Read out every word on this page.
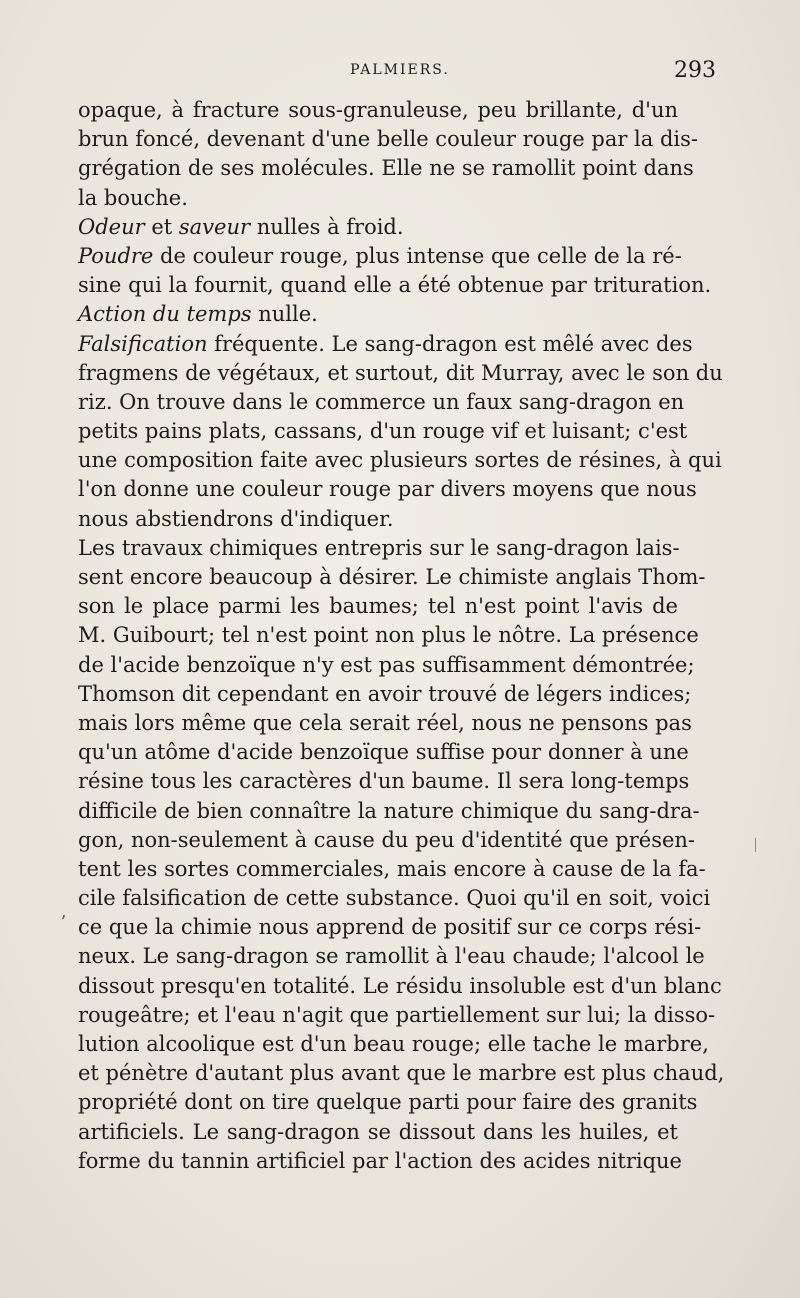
PALMIERS.	293
opaque, à fracture sous-granuleuse, peu brillante, d'un
brun foncé, devenant d'une belle couleur rouge par la dis-
grégation de ses molécules. Elle ne se ramollit point dans
la bouche.
Odeur et saveur nulles à froid.
Poudre de couleur rouge, plus intense que celle de la ré-
sine qui la fournit, quand elle a été obtenue par trituration.
Action du temps nulle.
Falsification fréquente. Le sang-dragon est mêlé avec des
fragmens de végétaux, et surtout, dit Murray, avec le son du
riz. On trouve dans le commerce un faux sang-dragon en
petits pains plats, cassans, d'un rouge vif et luisant; c'est
une composition faite avec plusieurs sortes de résines, à qui
l'on donne une couleur rouge par divers moyens que nous
nous abstiendrons d'indiquer.
Les travaux chimiques entrepris sur le sang-dragon lais-
sent encore beaucoup à désirer. Le chimiste anglais Thom-
son le place parmi les baumes; tel n'est point l'avis de
M. Guibourt; tel n'est point non plus le nôtre. La présence
de l'acide benzoïque n'y est pas suffisamment démontrée;
Thomson dit cependant en avoir trouvé de légers indices;
mais lors même que cela serait réel, nous ne pensons pas
qu'un atôme d'acide benzoïque suffise pour donner à une
résine tous les caractères d'un baume. Il sera long-temps
difficile de bien connaître la nature chimique du sang-dra-
gon, non-seulement à cause du peu d'identité que présen-
tent les sortes commerciales, mais encore à cause de la fa-
cile falsification de cette substance. Quoi qu'il en soit, voici
ce que la chimie nous apprend de positif sur ce corps rési-
neux. Le sang-dragon se ramollit à l'eau chaude; l'alcool le
dissout presqu'en totalité. Le résidu insoluble est d'un blanc
rougeâtre; et l'eau n'agit que partiellement sur lui; la disso-
lution alcoolique est d'un beau rouge; elle tache le marbre,
et pénètre d'autant plus avant que le marbre est plus chaud,
propriété dont on tire quelque parti pour faire des granits
artificiels. Le sang-dragon se dissout dans les huiles, et
forme du tannin artificiel par l'action des acides nitrique
ʼ
